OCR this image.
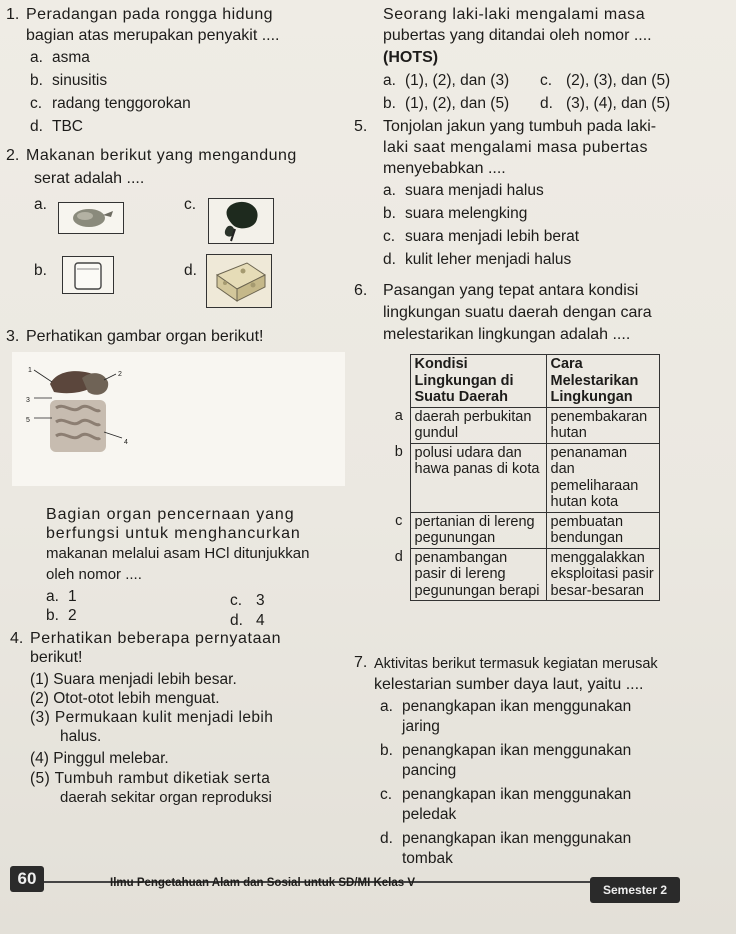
1. Peradangan pada rongga hidung
bagian atas merupakan penyakit ....
a. asma
b. sinusitis
c. radang tenggorokan
d. TBC
2. Makanan berikut yang mengandung
serat adalah ....
a.	c.
b.	d.
3. Perhatikan gambar organ berikut!
1
2
3
4
5
Bagian organ pencernaan yang
berfungsi untuk menghancurkan
makanan melalui asam HCl ditunjukkan
oleh nomor ....
a. 1
b. 2
c. 3
d. 4
4. Perhatikan beberapa pernyataan
berikut!
(1) Suara menjadi lebih besar.
(2) Otot-otot lebih menguat.
(3) Permukaan kulit menjadi lebih
halus.
(4) Pinggul melebar.
(5) Tumbuh rambut diketiak serta
daerah sekitar organ reproduksi
Seorang laki-laki mengalami masa
pubertas yang ditandai oleh nomor ....
(HOTS)
a. (1), (2), dan (3) c. (2), (3), dan (5)
b. (1), (2), dan (5) d. (3), (4), dan (5)
5. Tonjolan jakun yang tumbuh pada laki-
laki saat mengalami masa pubertas
menyebabkan ....
a. suara menjadi halus
b. suara melengking
c. suara menjadi lebih berat
d. kulit leher menjadi halus
6. Pasangan yang tepat antara kondisi
lingkungan suatu daerah dengan cara
melestarikan lingkungan adalah ....
	Kondisi Lingkungan di Suatu Daerah	Cara Melestarikan Lingkungan
a	daerah perbukitan gundul	penembakaran hutan
b	polusi udara dan hawa panas di kota	penanaman dan pemeliharaan hutan kota
c	pertanian di lereng pegunungan	pembuatan bendungan
d	penambangan pasir di lereng pegunungan berapi	menggalakkan eksploitasi pasir besar-besaran
7. Aktivitas berikut termasuk kegiatan merusak
kelestarian sumber daya laut, yaitu ....
a. penangkapan ikan menggunakan
jaring
b. penangkapan ikan menggunakan
pancing
c. penangkapan ikan menggunakan
peledak
d. penangkapan ikan menggunakan
tombak
60	Ilmu Pengetahuan Alam dan Sosial untuk SD/MI Kelas V	Semester 2
